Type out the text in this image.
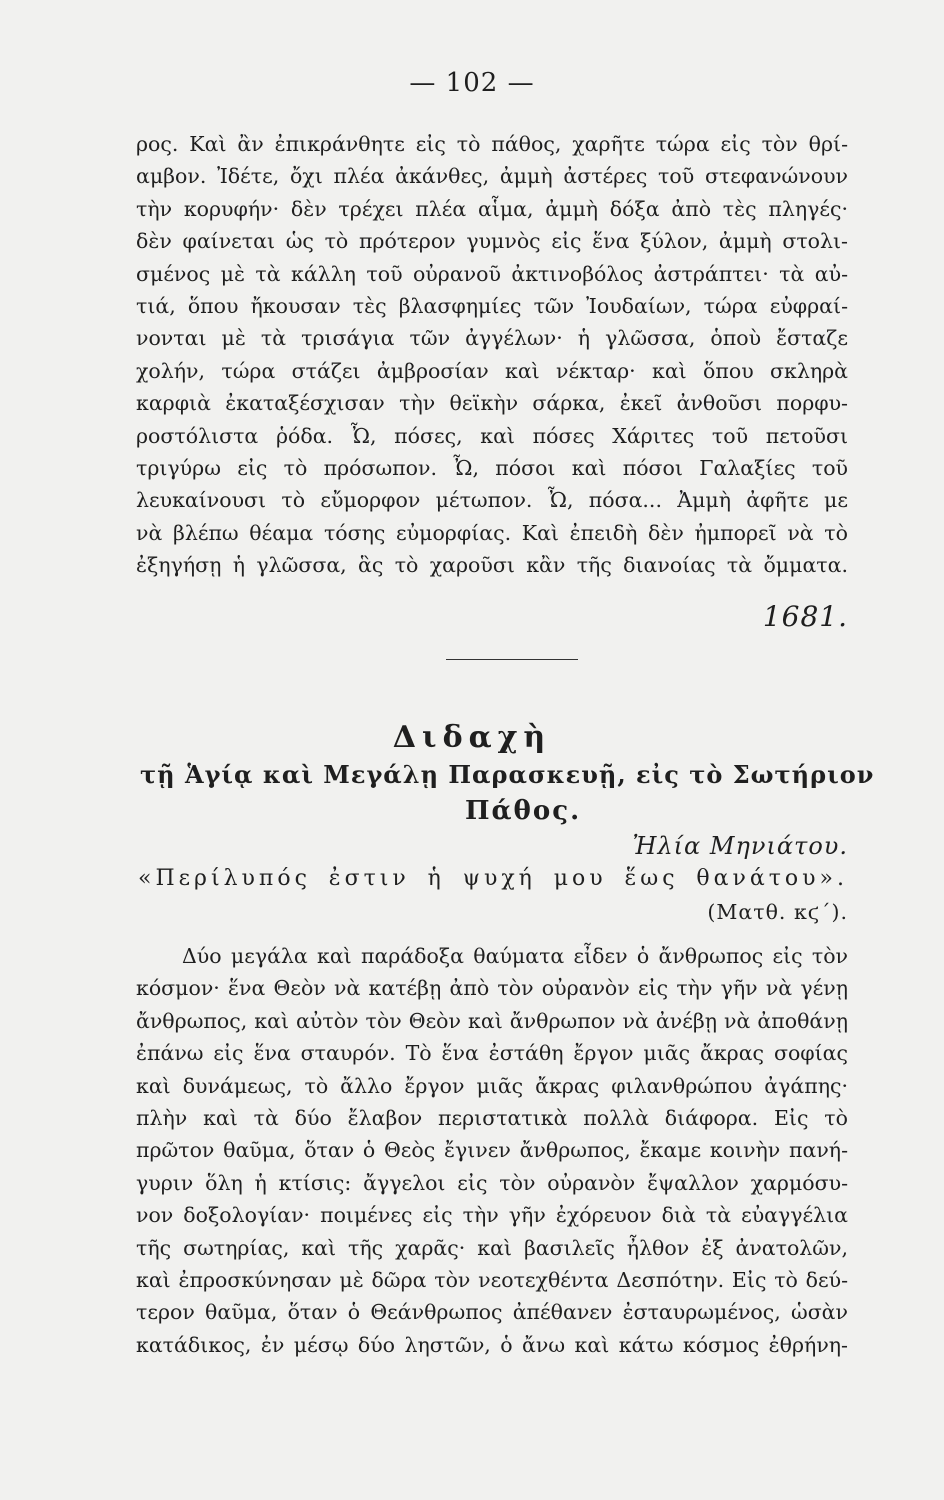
— 102 —
ρος. Καὶ ἂν ἐπικράνθητε εἰς τὸ πάθος, χαρῆτε τώρα εἰς τὸν θρί-
αμβον. Ἰδέτε, ὄχι πλέα ἀκάνθες, ἀμμὴ ἀστέρες τοῦ στεφανώνουν
τὴν κορυφήν· δὲν τρέχει πλέα αἷμα, ἀμμὴ δόξα ἀπὸ τὲς πληγές·
δὲν φαίνεται ὡς τὸ πρότερον γυμνὸς εἰς ἕνα ξύλον, ἀμμὴ στολι-
σμένος μὲ τὰ κάλλη τοῦ οὐρανοῦ ἀκτινοβόλος ἀστράπτει· τὰ αὐ-
τιά, ὅπου ἤκουσαν τὲς βλασφημίες τῶν Ἰουδαίων, τώρα εὐφραί-
νονται μὲ τὰ τρισάγια τῶν ἀγγέλων· ἡ γλῶσσα, ὁποὺ ἔσταζε
χολήν, τώρα στάζει ἀμβροσίαν καὶ νέκταρ· καὶ ὅπου σκληρὰ
καρφιὰ ἐκαταξέσχισαν τὴν θεϊκὴν σάρκα, ἐκεῖ ἀνθοῦσι πορφυ-
ροστόλιστα ῥόδα. Ὦ, πόσες, καὶ πόσες Χάριτες τοῦ πετοῦσι
τριγύρω εἰς τὸ πρόσωπον. Ὦ, πόσοι καὶ πόσοι Γαλαξίες τοῦ
λευκαίνουσι τὸ εὔμορφον μέτωπον. Ὦ, πόσα... Ἀμμὴ ἀφῆτε με
νὰ βλέπω θέαμα τόσης εὐμορφίας. Καὶ ἐπειδὴ δὲν ἠμπορεῖ νὰ τὸ
ἐξηγήσῃ ἡ γλῶσσα, ἃς τὸ χαροῦσι κἂν τῆς διανοίας τὰ ὄμματα.
1681.
Διδαχὴ
τῇ Ἁγίᾳ καὶ Μεγάλῃ Παρασκευῇ, εἰς τὸ Σωτήριον
Πάθος.
Ἠλία Μηνιάτου.
«Περίλυπός ἐστιν ἡ ψυχή μου ἕως θανάτου».
(Ματθ. κϛ΄).
Δύο μεγάλα καὶ παράδοξα θαύματα εἶδεν ὁ ἄνθρωπος εἰς τὸν
κόσμον· ἕνα Θεὸν νὰ κατέβῃ ἀπὸ τὸν οὐρανὸν εἰς τὴν γῆν νὰ γένῃ
ἄνθρωπος, καὶ αὐτὸν τὸν Θεὸν καὶ ἄνθρωπον νὰ ἀνέβῃ νὰ ἀποθάνῃ
ἐπάνω εἰς ἕνα σταυρόν. Τὸ ἕνα ἐστάθη ἔργον μιᾶς ἄκρας σοφίας
καὶ δυνάμεως, τὸ ἄλλο ἔργον μιᾶς ἄκρας φιλανθρώπου ἀγάπης·
πλὴν καὶ τὰ δύο ἔλαβον περιστατικὰ πολλὰ διάφορα. Εἰς τὸ
πρῶτον θαῦμα, ὅταν ὁ Θεὸς ἔγινεν ἄνθρωπος, ἔκαμε κοινὴν πανή-
γυριν ὅλη ἡ κτίσις: ἄγγελοι εἰς τὸν οὐρανὸν ἔψαλλον χαρμόσυ-
νον δοξολογίαν· ποιμένες εἰς τὴν γῆν ἐχόρευον διὰ τὰ εὐαγγέλια
τῆς σωτηρίας, καὶ τῆς χαρᾶς· καὶ βασιλεῖς ἦλθον ἐξ ἀνατολῶν,
καὶ ἐπροσκύνησαν μὲ δῶρα τὸν νεοτεχθέντα Δεσπότην. Εἰς τὸ δεύ-
τερον θαῦμα, ὅταν ὁ Θεάνθρωπος ἀπέθανεν ἐσταυρωμένος, ὡσὰν
κατάδικος, ἐν μέσῳ δύο ληστῶν, ὁ ἄνω καὶ κάτω κόσμος ἐθρήνη-
